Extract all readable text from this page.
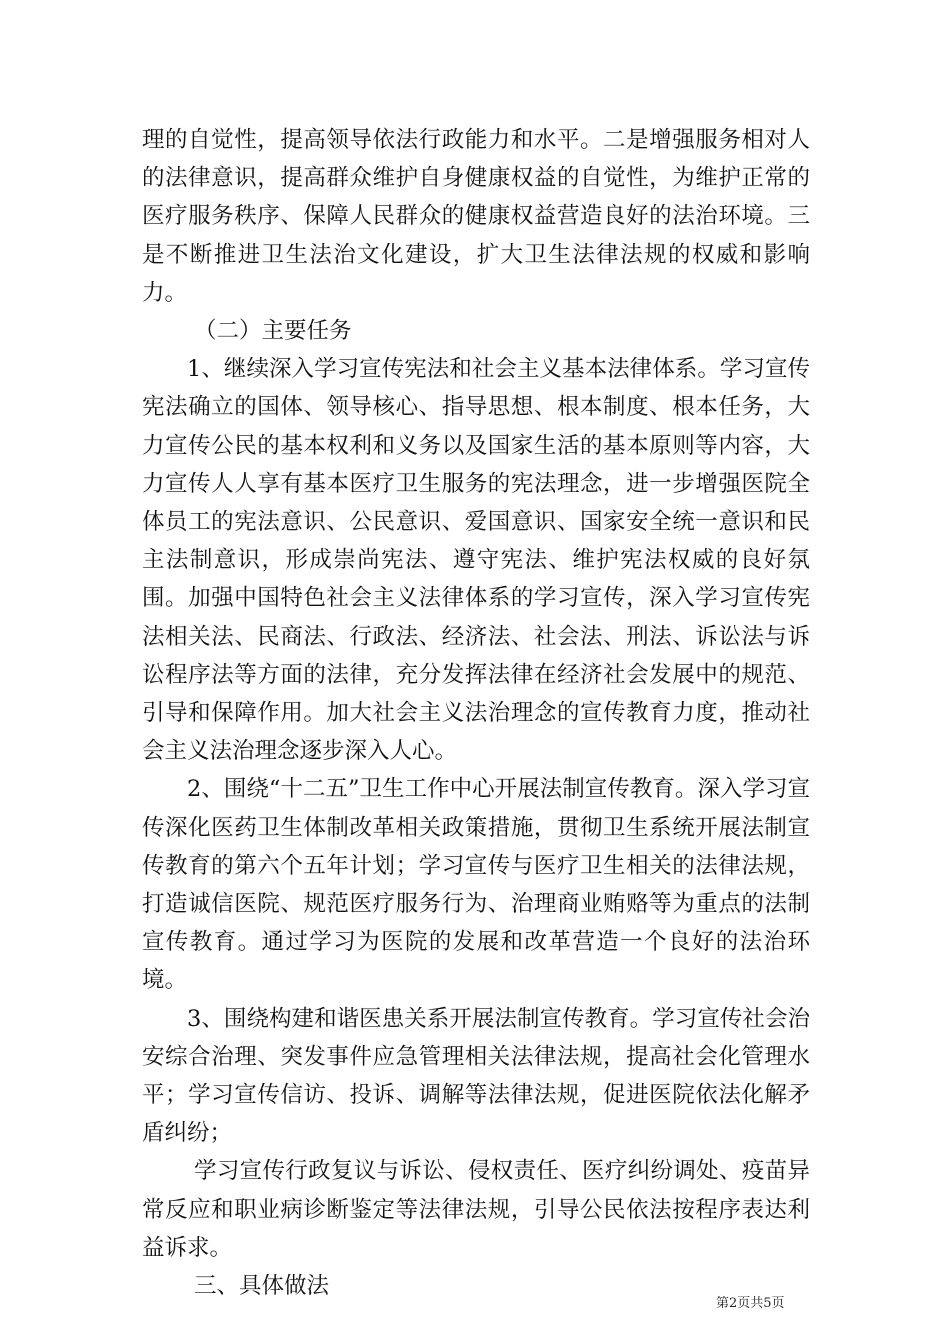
理的自觉性，提高领导依法行政能力和水平。二是增强服务相对人的法律意识，提高群众维护自身健康权益的自觉性，为维护正常的医疗服务秩序、保障人民群众的健康权益营造良好的法治环境。三是不断推进卫生法治文化建设，扩大卫生法律法规的权威和影响力。

（二）主要任务

1、继续深入学习宣传宪法和社会主义基本法律体系。学习宣传宪法确立的国体、领导核心、指导思想、根本制度、根本任务，大力宣传公民的基本权利和义务以及国家生活的基本原则等内容，大力宣传人人享有基本医疗卫生服务的宪法理念，进一步增强医院全体员工的宪法意识、公民意识、爱国意识、国家安全统一意识和民主法制意识，形成崇尚宪法、遵守宪法、维护宪法权威的良好氛围。加强中国特色社会主义法律体系的学习宣传，深入学习宣传宪法相关法、民商法、行政法、经济法、社会法、刑法、诉讼法与诉讼程序法等方面的法律，充分发挥法律在经济社会发展中的规范、引导和保障作用。加大社会主义法治理念的宣传教育力度，推动社会主义法治理念逐步深入人心。

2、围绕“十二五”卫生工作中心开展法制宣传教育。深入学习宣传深化医药卫生体制改革相关政策措施，贯彻卫生系统开展法制宣传教育的第六个五年计划；学习宣传与医疗卫生相关的法律法规，打造诚信医院、规范医疗服务行为、治理商业贿赂等为重点的法制宣传教育。通过学习为医院的发展和改革营造一个良好的法治环境。

3、围绕构建和谐医患关系开展法制宣传教育。学习宣传社会治安综合治理、突发事件应急管理相关法律法规，提高社会化管理水平；学习宣传信访、投诉、调解等法律法规，促进医院依法化解矛盾纠纷；

学习宣传行政复议与诉讼、侵权责任、医疗纠纷调处、疫苗异常反应和职业病诊断鉴定等法律法规，引导公民依法按程序表达利益诉求。

三、具体做法

第2页共5页
